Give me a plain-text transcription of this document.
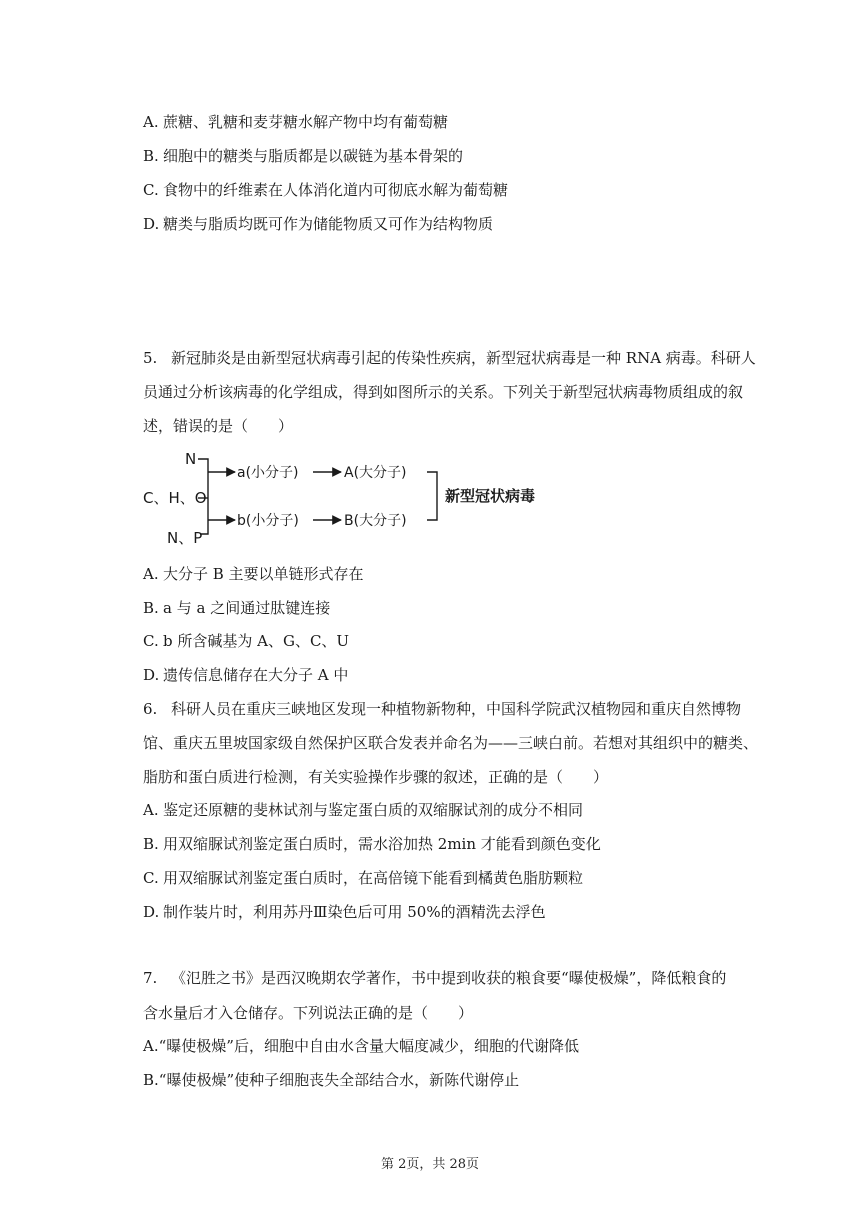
A. 蔗糖、乳糖和麦芽糖水解产物中均有葡萄糖
B. 细胞中的糖类与脂质都是以碳链为基本骨架的
C. 食物中的纤维素在人体消化道内可彻底水解为葡萄糖
D. 糖类与脂质均既可作为储能物质又可作为结构物质
5. 新冠肺炎是由新型冠状病毒引起的传染性疾病，新型冠状病毒是一种 RNA 病毒。科研人
员通过分析该病毒的化学组成，得到如图所示的关系。下列关于新型冠状病毒物质组成的叙
述，错误的是（　　）
N
C、H、O
N、P
a(小分子)	A(大分子)
b(小分子)	B(大分子)
新型冠状病毒
A. 大分子 B 主要以单链形式存在
B. a 与 a 之间通过肽键连接
C. b 所含碱基为 A、G、C、U
D. 遗传信息储存在大分子 A 中
6. 科研人员在重庆三峡地区发现一种植物新物种，中国科学院武汉植物园和重庆自然博物
馆、重庆五里坡国家级自然保护区联合发表并命名为——三峡白前。若想对其组织中的糖类、
脂肪和蛋白质进行检测，有关实验操作步骤的叙述，正确的是（　　）
A. 鉴定还原糖的斐林试剂与鉴定蛋白质的双缩脲试剂的成分不相同
B. 用双缩脲试剂鉴定蛋白质时，需水浴加热 2min 才能看到颜色变化
C. 用双缩脲试剂鉴定蛋白质时，在高倍镜下能看到橘黄色脂肪颗粒
D. 制作装片时，利用苏丹Ⅲ染色后可用 50%的酒精洗去浮色
7. 《氾胜之书》是西汉晚期农学著作，书中提到收获的粮食要“曝使极燥”，降低粮食的
含水量后才入仓储存。下列说法正确的是（　　）
A.“曝使极燥”后，细胞中自由水含量大幅度减少，细胞的代谢降低
B.“曝使极燥”使种子细胞丧失全部结合水，新陈代谢停止
第 2页，共 28页
